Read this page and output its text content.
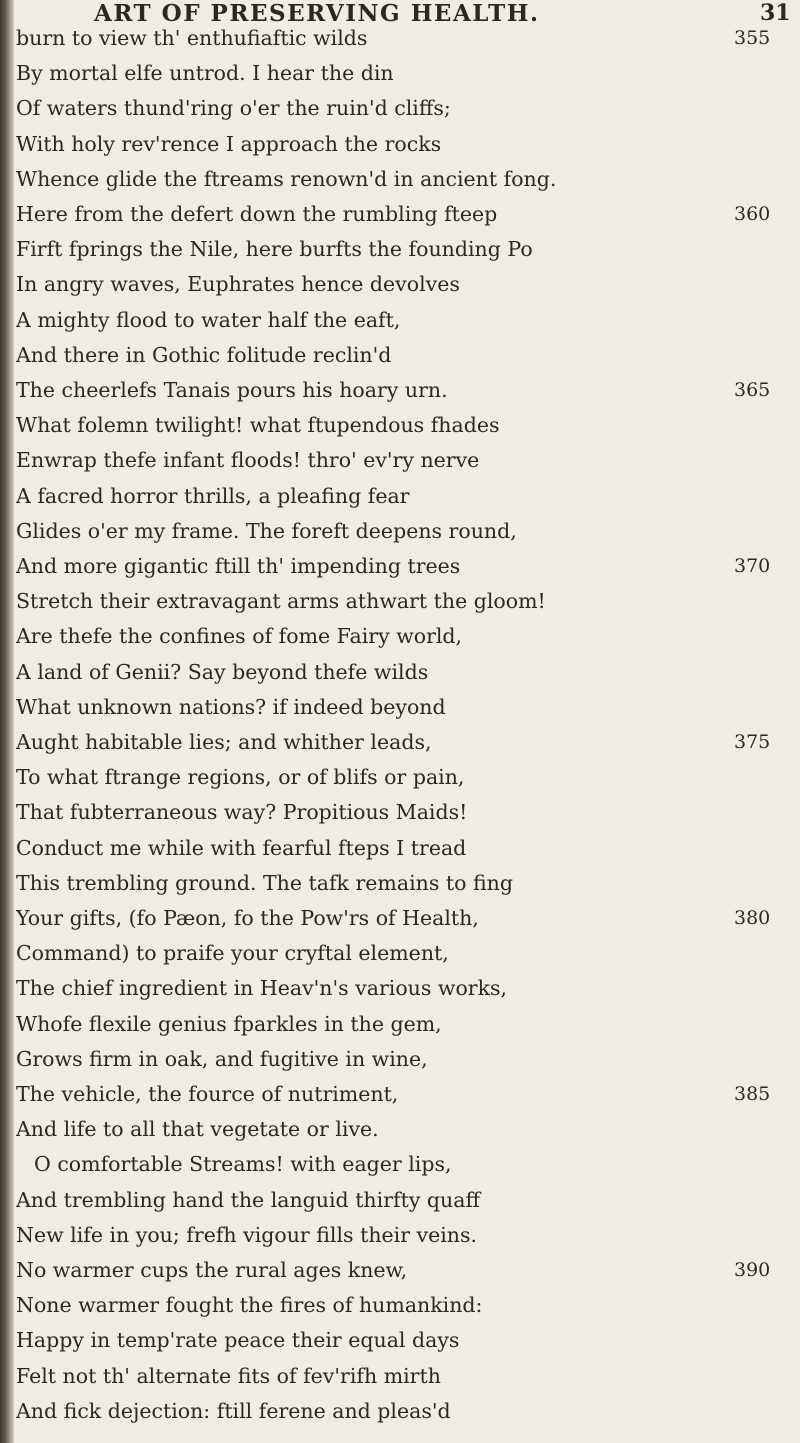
ART OF PRESERVING HEALTH.	31
burn to view th' enthufiaftic wilds	355
By mortal elfe untrod. I hear the din
Of waters thund'ring o'er the ruin'd cliffs;
With holy rev'rence I approach the rocks
Whence glide the ftreams renown'd in ancient fong.
Here from the defert down the rumbling fteep	360
Firft fprings the Nile, here burfts the founding Po
In angry waves, Euphrates hence devolves
A mighty flood to water half the eaft,
And there in Gothic folitude reclin'd
The cheerlefs Tanais pours his hoary urn.	365
What folemn twilight! what ftupendous fhades
Enwrap thefe infant floods! thro' ev'ry nerve
A facred horror thrills, a pleafing fear
Glides o'er my frame. The foreft deepens round,
And more gigantic ftill th' impending trees	370
Stretch their extravagant arms athwart the gloom!
Are thefe the confines of fome Fairy world,
A land of Genii? Say beyond thefe wilds
What unknown nations? if indeed beyond
Aught habitable lies; and whither leads,	375
To what ftrange regions, or of blifs or pain,
That fubterraneous way? Propitious Maids!
Conduct me while with fearful fteps I tread
This trembling ground. The tafk remains to fing
Your gifts, (fo Pæon, fo the Pow'rs of Health,	380
Command) to praife your cryftal element,
The chief ingredient in Heav'n's various works,
Whofe flexile genius fparkles in the gem,
Grows firm in oak, and fugitive in wine,
The vehicle, the fource of nutriment,	385
And life to all that vegetate or live.
O comfortable Streams! with eager lips,
And trembling hand the languid thirfty quaff
New life in you; frefh vigour fills their veins.
No warmer cups the rural ages knew,	390
None warmer fought the fires of humankind:
Happy in temp'rate peace their equal days
Felt not th' alternate fits of fev'rifh mirth
And fick dejection: ftill ferene and pleas'd
